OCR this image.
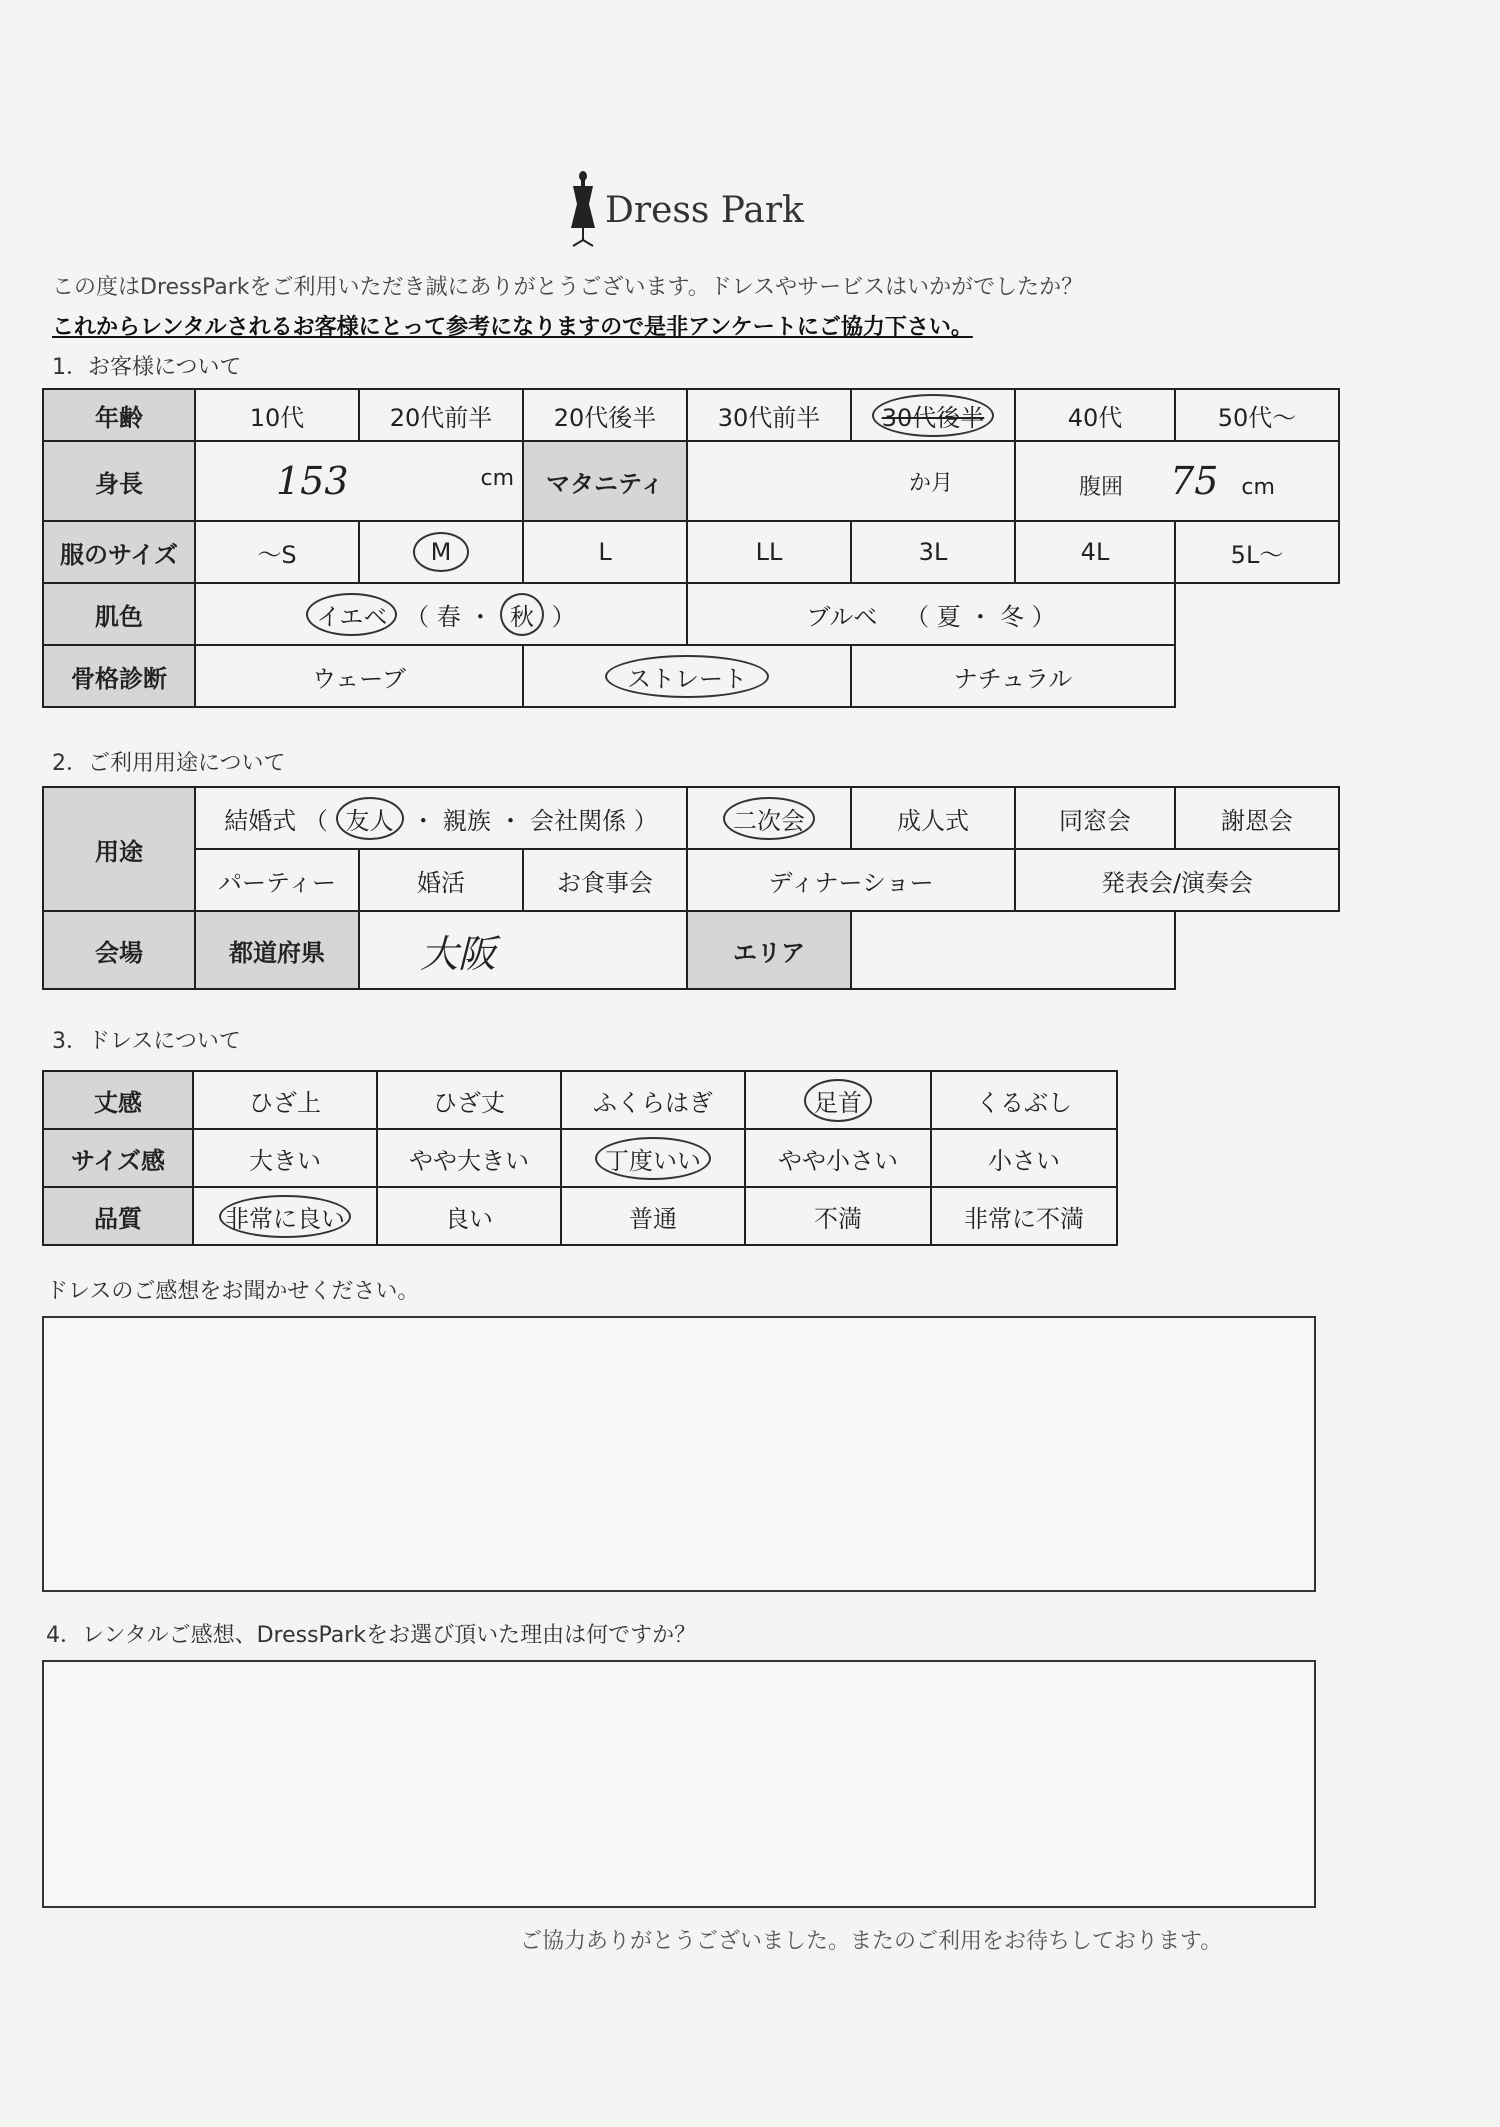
Dress Park
この度はDressParkをご利用いただき誠にありがとうございます。ドレスやサービスはいかがでしたか？
これからレンタルされるお客様にとって参考になりますので是非アンケートにご協力下さい。
1．お客様について
年齢	10代	20代前半	20代後半	30代前半	30代後半	40代	50代～
身長	153 cm		マタニティ	か月		腹囲 75 cm	
服のサイズ	～S	M	L	LL	3L	4L	5L～
肌色	イエベ （ 春 ・ 秋 ）			ブルベ （ 夏 ・ 冬 ）			
骨格診断	ウェーブ		ストレート		ナチュラル		
2．ご利用用途について
用途	結婚式 （ 友人 ・ 親族 ・ 会社関係 ）			二次会	成人式	同窓会	謝恩会
	パーティー	婚活	お食事会	ディナーショー		発表会/演奏会	
会場	都道府県	大阪		エリア			
3．ドレスについて
丈感	ひざ上	ひざ丈	ふくらはぎ	足首	くるぶし
サイズ感	大きい	やや大きい	丁度いい	やや小さい	小さい
品質	非常に良い	良い	普通	不満	非常に不満
ドレスのご感想をお聞かせください。
4．レンタルご感想、DressParkをお選び頂いた理由は何ですか？
ご協力ありがとうございました。またのご利用をお待ちしております。
